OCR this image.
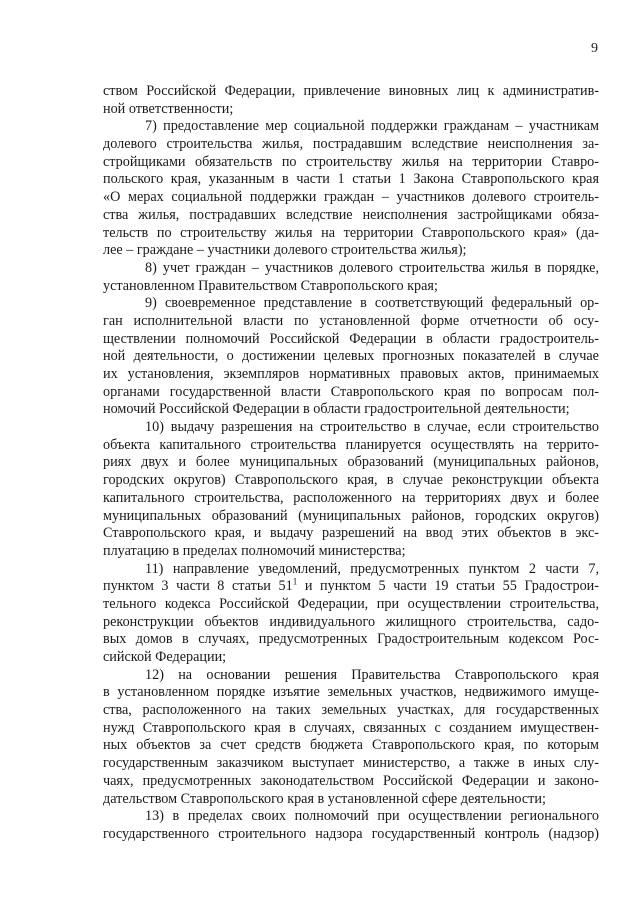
9
ством Российской Федерации, привлечение виновных лиц к административ-
ной ответственности;
7) предоставление мер социальной поддержки гражданам – участникам
долевого строительства жилья, пострадавшим вследствие неисполнения за-
стройщиками обязательств по строительству жилья на территории Ставро-
польского края, указанным в части 1 статьи 1 Закона Ставропольского края
«О мерах социальной поддержки граждан – участников долевого строитель-
ства жилья, пострадавших вследствие неисполнения застройщиками обяза-
тельств по строительству жилья на территории Ставропольского края» (да-
лее – граждане – участники долевого строительства жилья);
8) учет граждан – участников долевого строительства жилья в порядке,
установленном Правительством Ставропольского края;
9) своевременное представление в соответствующий федеральный ор-
ган исполнительной власти по установленной форме отчетности об осу-
ществлении полномочий Российской Федерации в области градостроитель-
ной деятельности, о достижении целевых прогнозных показателей в случае
их установления, экземпляров нормативных правовых актов, принимаемых
органами государственной власти Ставропольского края по вопросам пол-
номочий Российской Федерации в области градостроительной деятельности;
10) выдачу разрешения на строительство в случае, если строительство
объекта капитального строительства планируется осуществлять на террито-
риях двух и более муниципальных образований (муниципальных районов,
городских округов) Ставропольского края, в случае реконструкции объекта
капитального строительства, расположенного на территориях двух и более
муниципальных образований (муниципальных районов, городских округов)
Ставропольского края, и выдачу разрешений на ввод этих объектов в экс-
плуатацию в пределах полномочий министерства;
11) направление уведомлений, предусмотренных пунктом 2 части 7,
пунктом 3 части 8 статьи $51^1$ и пунктом 5 части 19 статьи 55 Градострои-
тельного кодекса Российской Федерации, при осуществлении строительства,
реконструкции объектов индивидуального жилищного строительства, садо-
вых домов в случаях, предусмотренных Градостроительным кодексом Рос-
сийской Федерации;
12) на основании решения Правительства Ставропольского края
в установленном порядке изъятие земельных участков, недвижимого имуще-
ства, расположенного на таких земельных участках, для государственных
нужд Ставропольского края в случаях, связанных с созданием имуществен-
ных объектов за счет средств бюджета Ставропольского края, по которым
государственным заказчиком выступает министерство, а также в иных слу-
чаях, предусмотренных законодательством Российской Федерации и законо-
дательством Ставропольского края в установленной сфере деятельности;
13) в пределах своих полномочий при осуществлении регионального
государственного строительного надзора государственный контроль (надзор)
